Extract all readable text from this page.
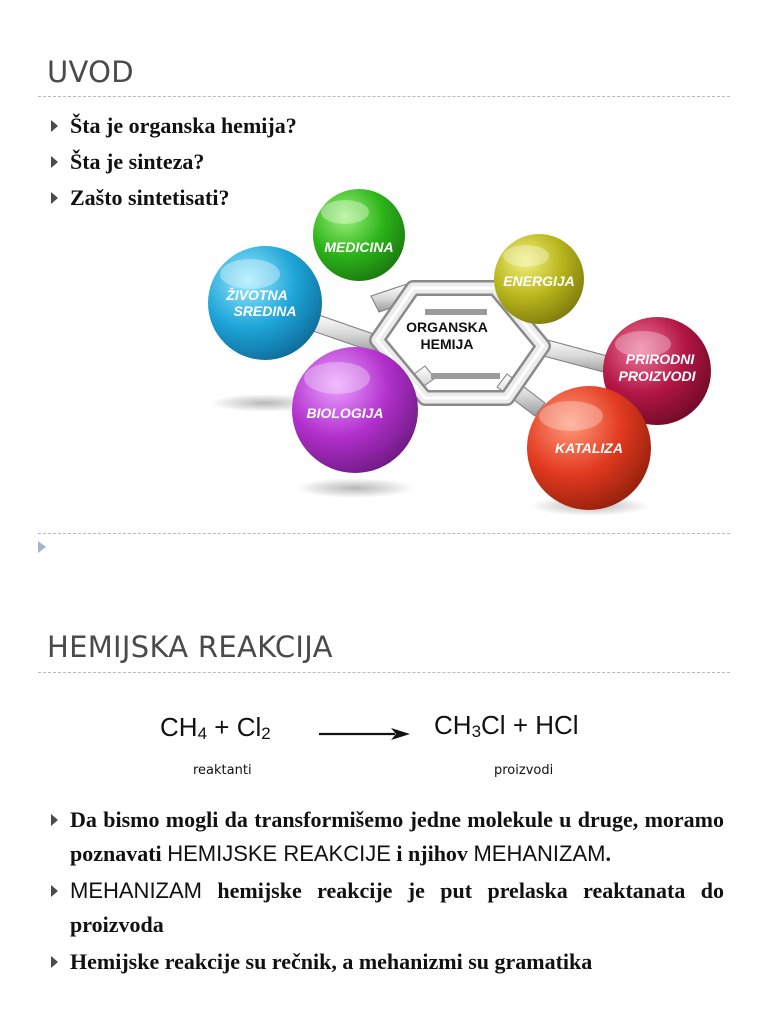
UVOD
Šta je organska hemija?
Šta je sinteza?
Zašto sintetisati?
ORGANSKA
HEMIJA
MEDICINA
ŽIVOTNA
SREDINA
ENERGIJA
PRIRODNI
PROIZVODI
BIOLOGIJA
KATALIZA
HEMIJSKA REAKCIJA
$CH_4 + Cl_2$	$CH_3Cl$ + HCl
reaktanti	proizvodi
Da bismo mogli da transformišemo jedne molekule u druge, moramo poznavati HEMIJSKE REAKCIJE i njihov MEHANIZAM.
MEHANIZAM hemijske reakcije je put prelaska reaktanata do proizvoda
Hemijske reakcije su rečnik, a mehanizmi su gramatika
